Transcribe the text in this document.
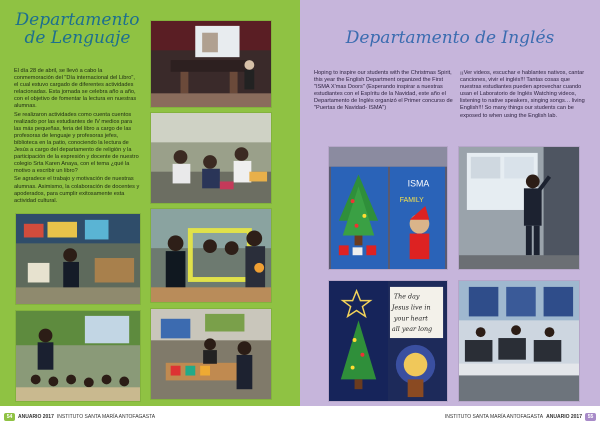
Departamento
de Lenguaje

El día 28 de abril, se llevó a cabo la conmemoración del "Día internacional del Libro", el cual estuvo cargado de diferentes actividades relacionadas. Esta jornada se celebra año a año, con el objetivo de fomentar la lectura en nuestras alumnas.

Se realizaron actividades como cuenta cuentos realizado por las estudiantes de IV medios para las más pequeñas, feria del libro a cargo de las profesoras de lenguaje y profesoras jefes, biblioteca en la patio, conociendo la lectura de Jesús a cargo del departamento de religión y la participación de la expresión y docente de nuestro colegio Srta Karen Anaya, con el tema ¿qué la motivo a escribir un libro?

Se agradece el trabajo y motivación de nuestras alumnas. Asimismo, la colaboración de docentes y apoderados, para cumplir exitosamente esta actividad cultural.

54	ANUARIO 2017 INSTITUTO SANTA MARÍA ANTOFAGASTA
Departamento de Inglés
Hoping to inspire our students with the Christmas Spirit, this year the English Department organized the First "ISMA X'mas Doors" (Esperando inspirar a nuestras estudiantes con el Espíritu de la Navidad, este año el Departamento de Inglés organizó el Primer concurso de "Puertas de Navidad- ISMA")
¡¡Ver videos, escuchar e hablantes nativos, cantar canciones, vivir el inglés!!! Tantas cosas que nuestras estudiantes pueden aprovechar cuando usan el Laboratorio de Inglés Watching videos, listening to native speakers, singing songs… living English!!! So many things our students can be exposed to when using the English lab.
ISMA
FAMILY
The day
Jesus live in
your heart
all year long
INSTITUTO SANTA MARÍA ANTOFAGASTA ANUARIO 2017	55
